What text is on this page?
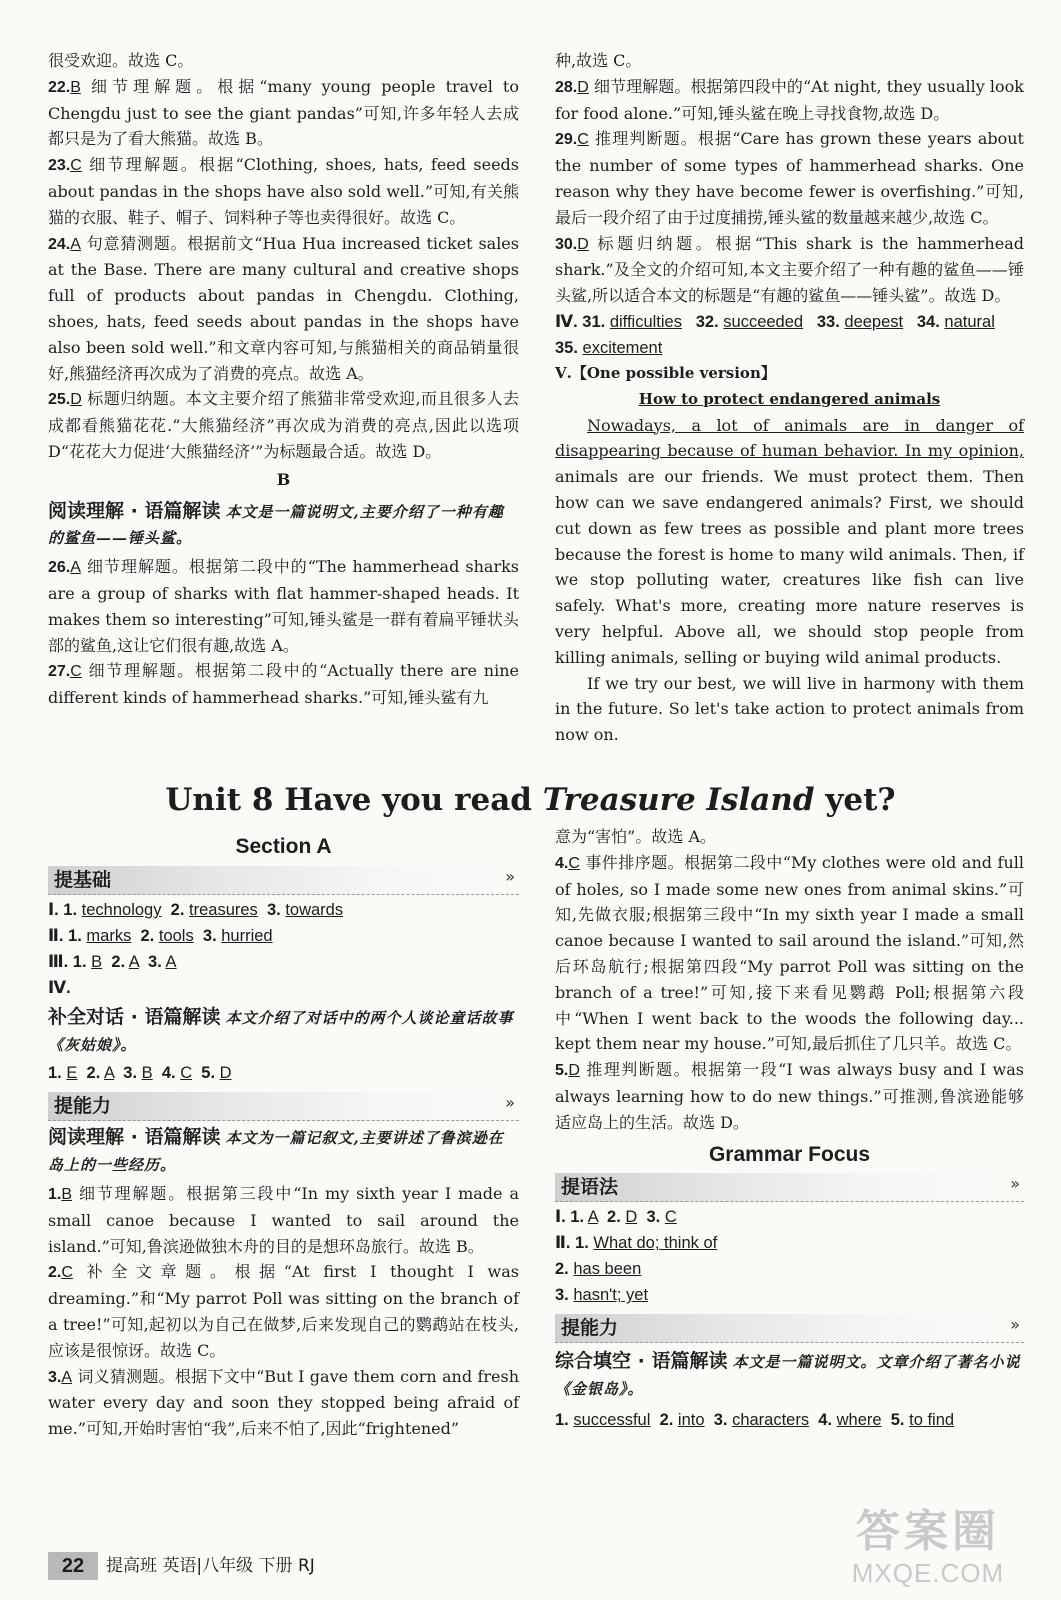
很受欢迎。故选 C。

22.B 细节理解题。根据“many young people travel to Chengdu just to see the giant pandas”可知,许多年轻人去成都只是为了看大熊猫。故选 B。

23.C 细节理解题。根据“Clothing, shoes, hats, feed seeds about pandas in the shops have also sold well.”可知,有关熊猫的衣服、鞋子、帽子、饲料种子等也卖得很好。故选 C。

24.A 句意猜测题。根据前文“Hua Hua increased ticket sales at the Base. There are many cultural and creative shops full of products about pandas in Chengdu. Clothing, shoes, hats, feed seeds about pandas in the shops have also been sold well.”和文章内容可知,与熊猫相关的商品销量很好,熊猫经济再次成为了消费的亮点。故选 A。

25.D 标题归纳题。本文主要介绍了熊猫非常受欢迎,而且很多人去成都看熊猫花花.“大熊猫经济”再次成为消费的亮点,因此以选项 D“花花大力促进‘大熊猫经济’”为标题最合适。故选 D。

B
阅读理解 · 语篇解读 本文是一篇说明文,主要介绍了一种有趣的鲨鱼——锤头鲨。

26.A 细节理解题。根据第二段中的“The hammerhead sharks are a group of sharks with flat hammer-shaped heads. It makes them so interesting”可知,锤头鲨是一群有着扁平锤状头部的鲨鱼,这让它们很有趣,故选 A。

27.C 细节理解题。根据第二段中的“Actually there are nine different kinds of hammerhead sharks.”可知,锤头鲨有九

种,故选 C。

28.D 细节理解题。根据第四段中的“At night, they usually look for food alone.”可知,锤头鲨在晚上寻找食物,故选 D。

29.C 推理判断题。根据“Care has grown these years about the number of some types of hammerhead sharks. One reason why they have become fewer is overfishing.”可知,最后一段介绍了由于过度捕捞,锤头鲨的数量越来越少,故选 C。

30.D 标题归纳题。根据“This shark is the hammerhead shark.”及全文的介绍可知,本文主要介绍了一种有趣的鲨鱼——锤头鲨,所以适合本文的标题是“有趣的鲨鱼——锤头鲨”。故选 D。

Ⅳ. 31. difficulties 32. succeeded 33. deepest 34. natural

35. excitement

Ⅴ.【One possible version】

How to protect endangered animals

Nowadays, a lot of animals are in danger of disappearing because of human behavior. In my opinion, animals are our friends. We must protect them. Then how can we save endangered animals? First, we should cut down as few trees as possible and plant more trees because the forest is home to many wild animals. Then, if we stop polluting water, creatures like fish can live safely. What's more, creating more nature reserves is very helpful. Above all, we should stop people from killing animals, selling or buying wild animal products.

If we try our best, we will live in harmony with them in the future. So let's take action to protect animals from now on.

Unit 8 Have you read Treasure Island yet?
Section A
提基础	»

Ⅰ. 1. technology 2. treasures 3. towards

Ⅱ. 1. marks 2. tools 3. hurried

Ⅲ. 1. B 2. A 3. A

Ⅳ.

补全对话 · 语篇解读 本文介绍了对话中的两个人谈论童话故事《灰姑娘》。

1. E 2. A 3. B 4. C 5. D

提能力	»
阅读理解 · 语篇解读 本文为一篇记叙文,主要讲述了鲁滨逊在岛上的一些经历。

1.B 细节理解题。根据第三段中“In my sixth year I made a small canoe because I wanted to sail around the island.”可知,鲁滨逊做独木舟的目的是想环岛旅行。故选 B。

2.C 补全文章题。根据“At first I thought I was dreaming.”和“My parrot Poll was sitting on the branch of a tree!”可知,起初以为自己在做梦,后来发现自己的鹦鹉站在枝头,应该是很惊讶。故选 C。

3.A 词义猜测题。根据下文中“But I gave them corn and fresh water every day and soon they stopped being afraid of me.”可知,开始时害怕“我”,后来不怕了,因此“frightened”

意为“害怕”。故选 A。

4.C 事件排序题。根据第二段中“My clothes were old and full of holes, so I made some new ones from animal skins.”可知,先做衣服;根据第三段中“In my sixth year I made a small canoe because I wanted to sail around the island.”可知,然后环岛航行;根据第四段“My parrot Poll was sitting on the branch of a tree!”可知,接下来看见鹦鹉 Poll;根据第六段中“When I went back to the woods the following day... kept them near my house.”可知,最后抓住了几只羊。故选 C。

5.D 推理判断题。根据第一段“I was always busy and I was always learning how to do new things.”可推测,鲁滨逊能够适应岛上的生活。故选 D。

Grammar Focus
提语法	»

Ⅰ. 1. A 2. D 3. C

Ⅱ. 1. What do; think of

2. has been

3. hasn't; yet

提能力	»
综合填空 · 语篇解读 本文是一篇说明文。文章介绍了著名小说《金银岛》。

1. successful 2. into 3. characters 4. where 5. to find

22	提高班 英语|八年级 下册 RJ
答案圈
MXQE.COM
